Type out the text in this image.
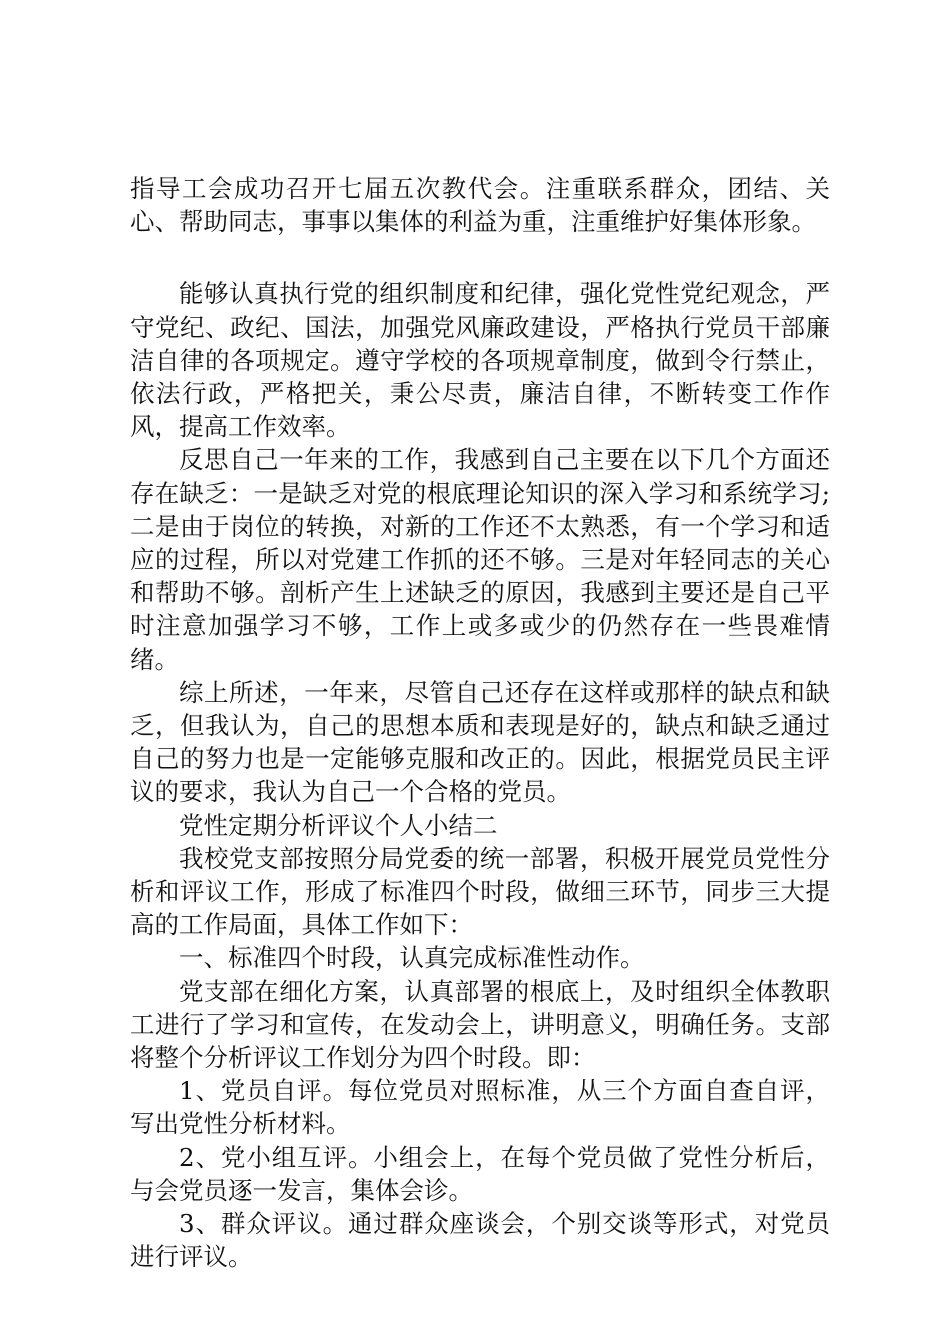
指导工会成功召开七届五次教代会。注重联系群众，团结、关心、帮助同志，事事以集体的利益为重，注重维护好集体形象。

能够认真执行党的组织制度和纪律，强化党性党纪观念，严守党纪、政纪、国法，加强党风廉政建设，严格执行党员干部廉洁自律的各项规定。遵守学校的各项规章制度，做到令行禁止，依法行政，严格把关，秉公尽责，廉洁自律，不断转变工作作风，提高工作效率。

反思自己一年来的工作，我感到自己主要在以下几个方面还存在缺乏：一是缺乏对党的根底理论知识的深入学习和系统学习;二是由于岗位的转换，对新的工作还不太熟悉，有一个学习和适应的过程，所以对党建工作抓的还不够。三是对年轻同志的关心和帮助不够。剖析产生上述缺乏的原因，我感到主要还是自己平时注意加强学习不够，工作上或多或少的仍然存在一些畏难情绪。

综上所述，一年来，尽管自己还存在这样或那样的缺点和缺乏，但我认为，自己的思想本质和表现是好的，缺点和缺乏通过自己的努力也是一定能够克服和改正的。因此，根据党员民主评议的要求，我认为自己一个合格的党员。

党性定期分析评议个人小结二

我校党支部按照分局党委的统一部署，积极开展党员党性分析和评议工作，形成了标准四个时段，做细三环节，同步三大提高的工作局面，具体工作如下：

一、标准四个时段，认真完成标准性动作。

党支部在细化方案，认真部署的根底上，及时组织全体教职工进行了学习和宣传，在发动会上，讲明意义，明确任务。支部将整个分析评议工作划分为四个时段。即：

1、党员自评。每位党员对照标准，从三个方面自查自评，写出党性分析材料。

2、党小组互评。小组会上，在每个党员做了党性分析后，与会党员逐一发言，集体会诊。

3、群众评议。通过群众座谈会，个别交谈等形式，对党员进行评议。
